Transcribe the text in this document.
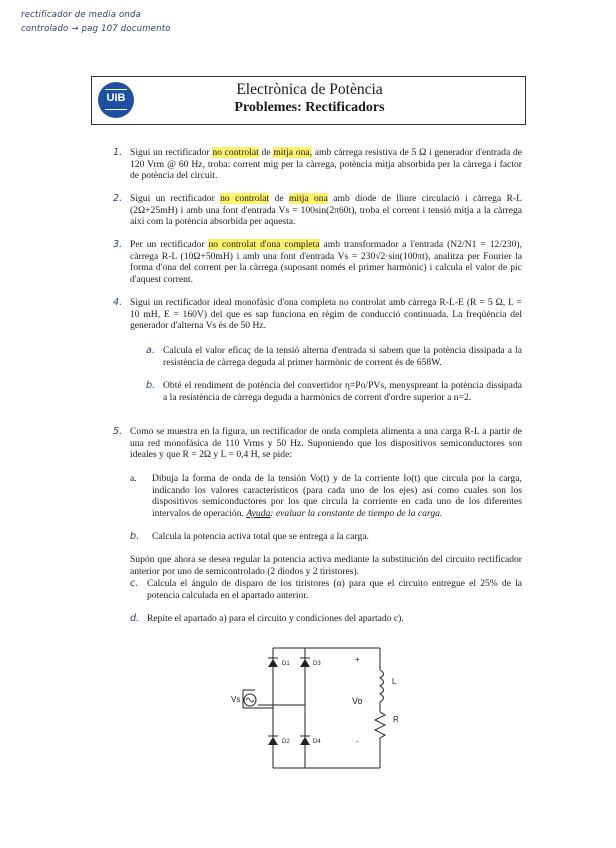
rectificador de media onda
controlado → pag 107 documento
UIB	Electrònica de Potència
Problemes: Rectificadors
1. Sigui un rectificador no controlat de mitja ona, amb càrrega resistiva de 5 Ω i generador d'entrada de 120 Vrm @ 60 Hz, troba: corrent mig per la càrrega, potència mitja absorbida per la càrrega i factor de potència del circuit.

2. Sigui un rectificador no controlat de mitja ona amb díode de lliure circulació i càrrega R-L (2Ω+25mH) i amb una font d'entrada Vs = 100sin(2π60t), troba el corrent i tensió mitja a la càrrega així com la potència absorbida per aquesta.

3. Per un rectificador no controlat d'ona completa amb transformador a l'entrada (N2/N1 = 12/230), càrrega R-L (10Ω+50mH) i amb una font d'entrada Vs = 230√2·sin(100πt), analitza per Fourier la forma d'ona del corrent per la càrrega (suposant només el primer harmònic) i calcula el valor de pic d'aquest corrent.

4. Sigui un rectificador ideal monofàsic d'ona completa no controlat amb càrrega R-L-E (R = 5 Ω, L = 10 mH, E = 160V) del que es sap funciona en règim de conducció continuada. La freqüència del generador d'alterna Vs és de 50 Hz.

a. Calcula el valor eficaç de la tensió alterna d'entrada si sabem que la potència dissipada a la resistència de càrrega deguda al primer harmònic de corrent és de 658W.

b. Obté el rendiment de potència del convertidor η=Po/PVs, menyspreant la potència dissipada a la resistència de càrrega deguda a harmònics de corrent d'ordre superior a n=2.

5. Como se muestra en la figura, un rectificador de onda completa alimenta a una carga R-L a partir de una red monofásica de 110 Vrms y 50 Hz. Suponiendo que los dispositivos semiconductores son ideales y que R = 2Ω y L = 0,4 H, se pide:

a. Dibuja la forma de onda de la tensión Vo(t) y de la corriente Io(t) que circula por la carga, indicando los valores característicos (para cada uno de los ejes) así como cuales son los dispositivos semiconductores por los que circula la corriente en cada uno de los diferentes intervalos de operación. Ayuda: evaluar la constante de tiempo de la carga.

b. Calcula la potencia activa total que se entrega a la carga.

Supón que ahora se desea regular la potencia activa mediante la substitución del circuito rectificador anterior por uno de semicontrolado (2 diodos y 2 tiristores).

c. Calcula el ángulo de disparo de los tiristores (α) para que el circuito entregue el 25% de la potencia calculada en el apartado anterior.

d. Repite el apartado a) para el circuito y condiciones del apartado c).

D1	D3
D2	D4
Vs	Vo
L
R
+
-
